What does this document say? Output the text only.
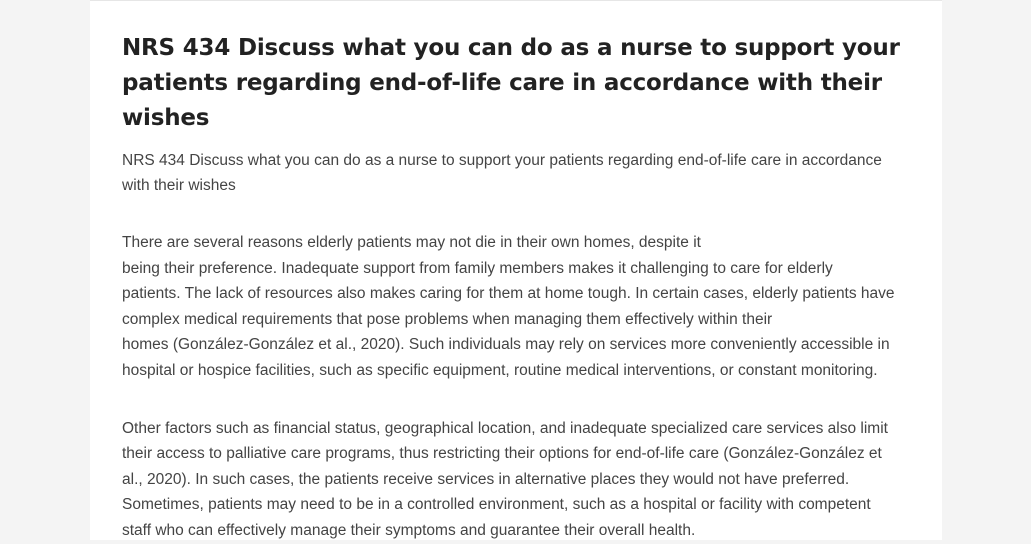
NRS 434 Discuss what you can do as a nurse to support your patients regarding end-of-life care in accordance with their wishes

NRS 434 Discuss what you can do as a nurse to support your patients regarding end-of-life care in accordance with their wishes

There are several reasons elderly patients may not die in their own homes, despite it
being their preference. Inadequate support from family members makes it challenging to care for elderly
patients. The lack of resources also makes caring for them at home tough. In certain cases, elderly patients have
complex medical requirements that pose problems when managing them effectively within their
homes (González-González et al., 2020). Such individuals may rely on services more conveniently accessible in
hospital or hospice facilities, such as specific equipment, routine medical interventions, or constant monitoring.

Other factors such as financial status, geographical location, and inadequate specialized care services also limit
their access to palliative care programs, thus restricting their options for end-of-life care (González-González et
al., 2020). In such cases, the patients receive services in alternative places they would not have preferred.
Sometimes, patients may need to be in a controlled environment, such as a hospital or facility with competent
staff who can effectively manage their symptoms and guarantee their overall health.
